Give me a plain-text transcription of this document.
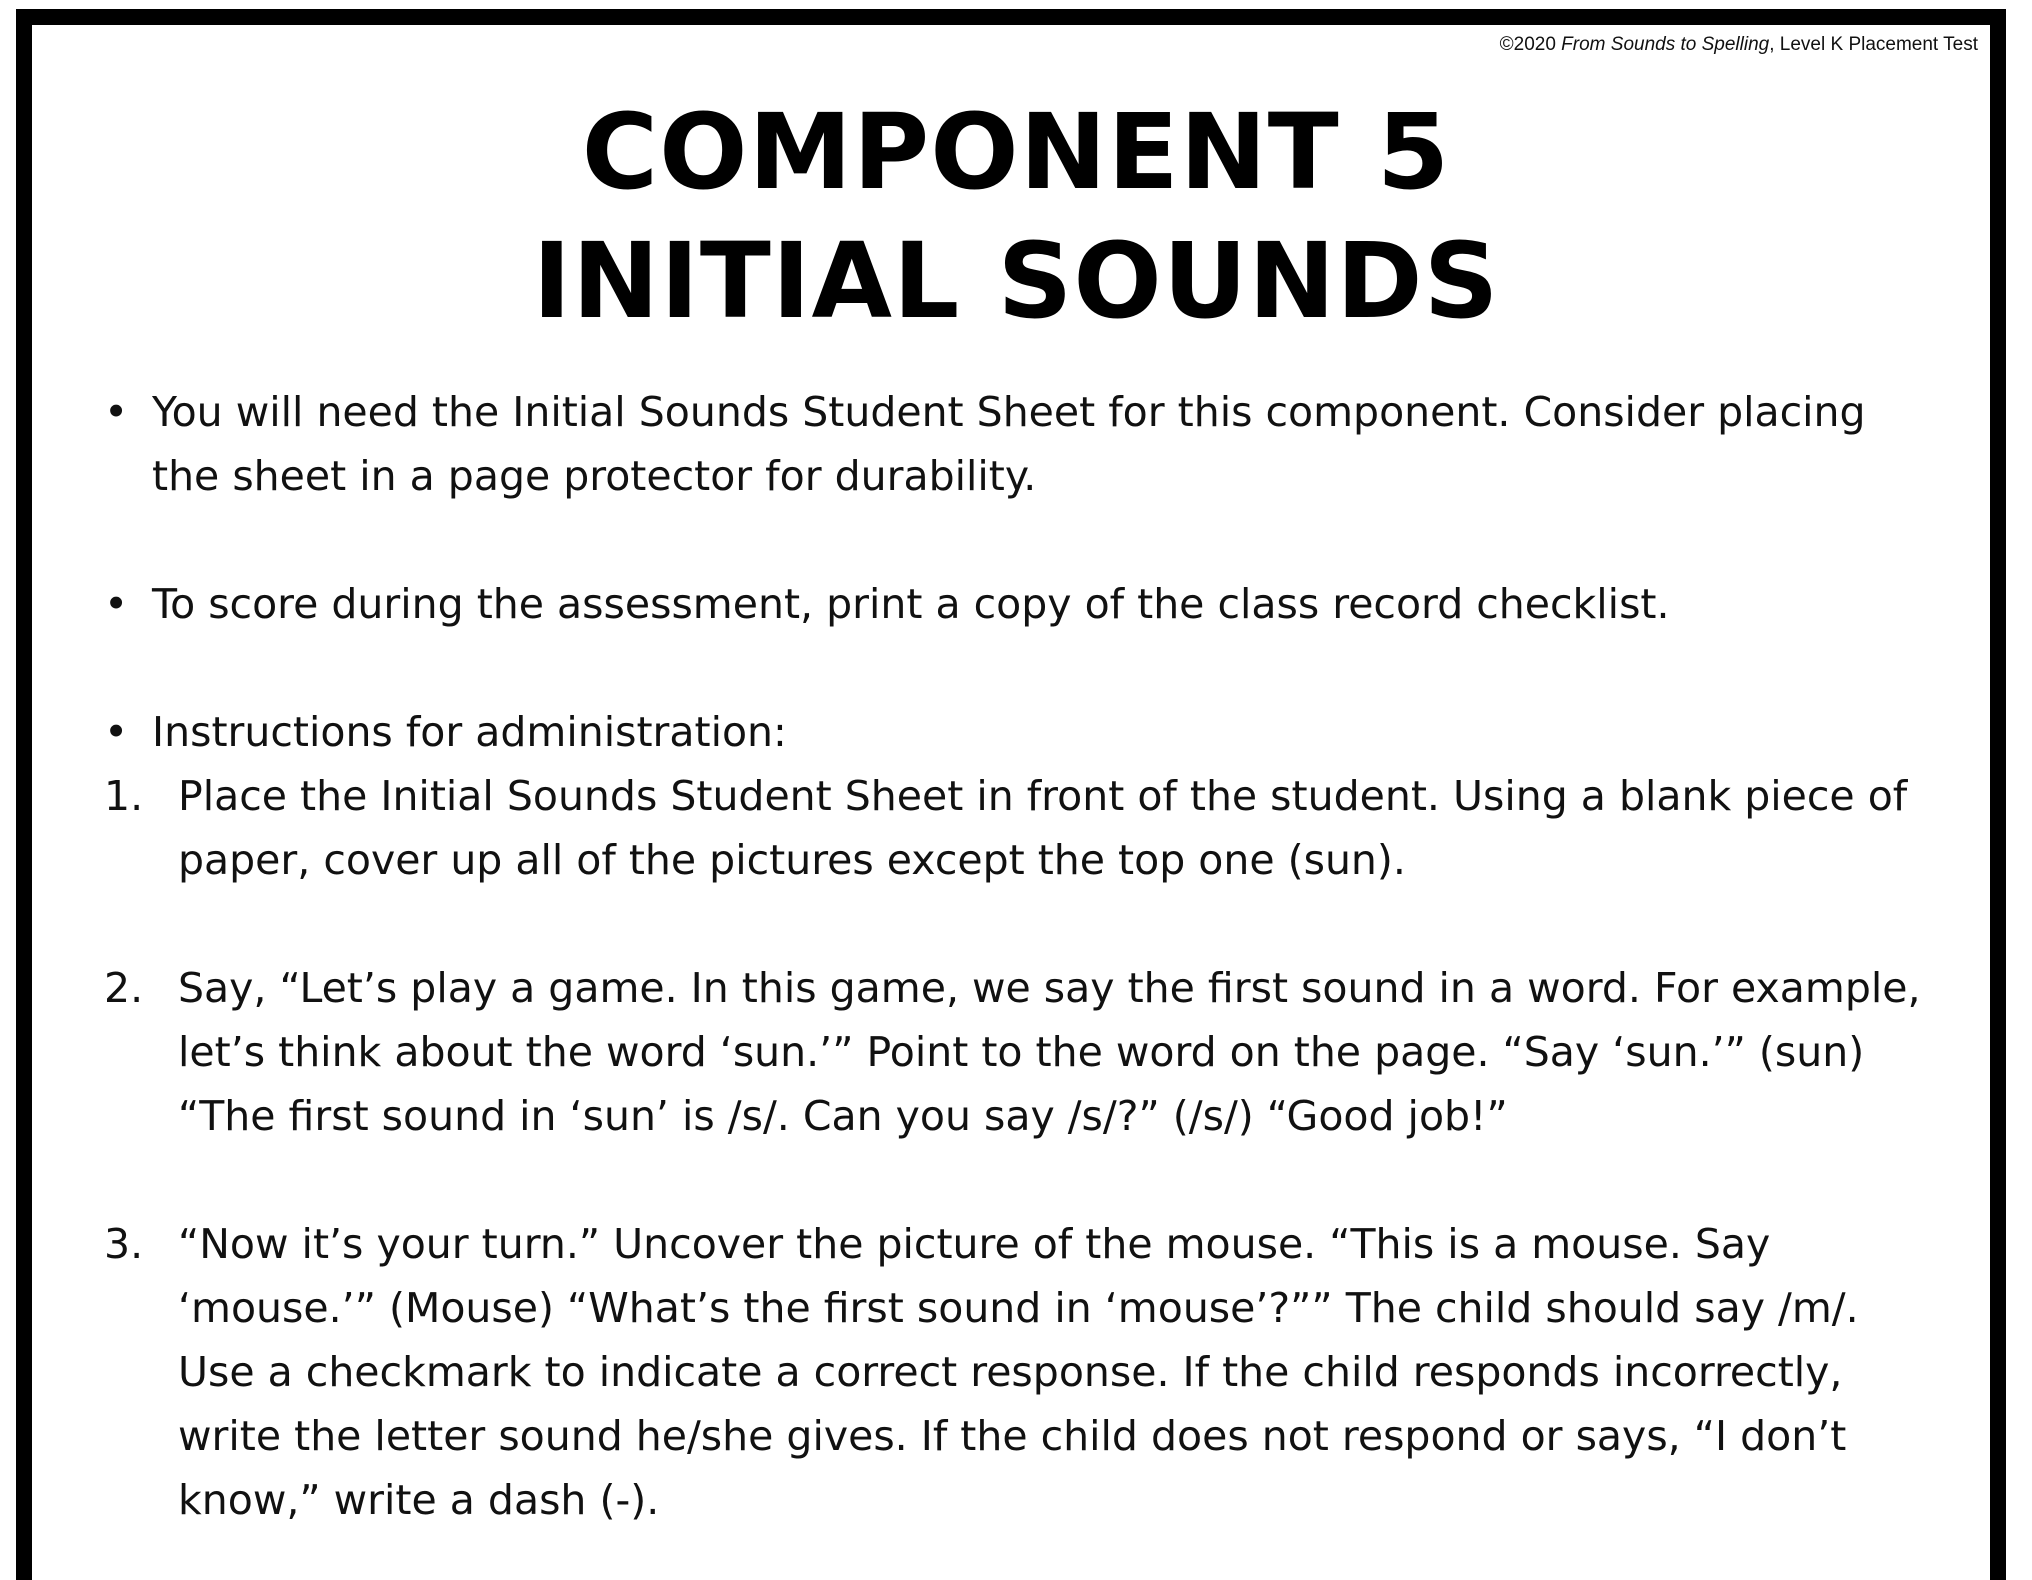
©2020 From Sounds to Spelling, Level K Placement Test
COMPONENT 5
INITIAL SOUNDS
• You will need the Initial Sounds Student Sheet for this component. Consider placing the sheet in a page protector for durability.
• To score during the assessment, print a copy of the class record checklist.
• Instructions for administration:
1. Place the Initial Sounds Student Sheet in front of the student. Using a blank piece of paper, cover up all of the pictures except the top one (sun).
2. Say, “Let’s play a game. In this game, we say the first sound in a word. For example, let’s think about the word ‘sun.’” Point to the word on the page. “Say ‘sun.’” (sun) “The first sound in ‘sun’ is /s/. Can you say /s/?” (/s/) “Good job!”
3. “Now it’s your turn.” Uncover the picture of the mouse. “This is a mouse. Say ‘mouse.’” (Mouse) “What’s the first sound in ‘mouse’?”” The child should say /m/. Use a checkmark to indicate a correct response. If the child responds incorrectly, write the letter sound he/she gives. If the child does not respond or says, “I don’t know,” write a dash (-).
